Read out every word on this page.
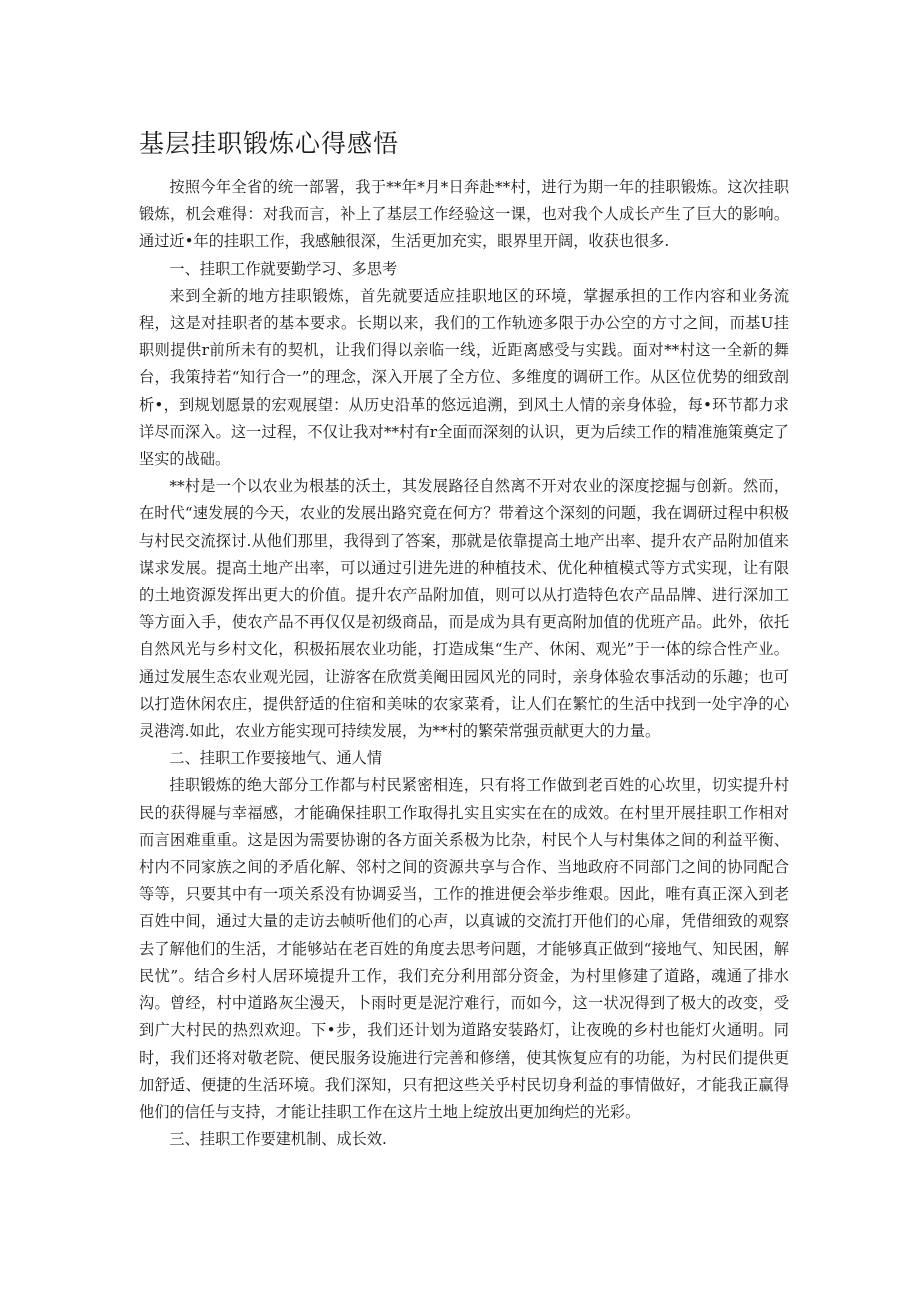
基层挂职锻炼心得感悟

按照今年全省的统一部署，我于**年*月*日奔赴**村，进行为期一年的挂职锻炼。这次挂职锻炼，机会难得：对我而言，补上了基层工作经验这一课，也对我个人成长产生了巨大的影响。通过近•年的挂职工作，我感触很深，生活更加充实，眼界里开阔，收获也很多.

一、挂职工作就要勤学习、多思考

来到全新的地方挂职锻炼，首先就要适应挂职地区的环境，掌握承担的工作内容和业务流程，这是对挂职者的基本要求。长期以来，我们的工作轨迹多限于办公空的方寸之间，而基U挂职则提供r前所未有的契机，让我们得以亲临一线，近距离感受与实践。面对**村这一全新的舞台，我策持若“知行合一”的理念，深入开展了全方位、多维度的调研工作。从区位优势的细致剖析•，到规划愿景的宏观展望：从历史沿革的悠远追溯，到风土人情的亲身体验，每•环节都力求详尽而深入。这一过程，不仅让我对**村有r全面而深刻的认识，更为后续工作的精准施策奠定了坚实的战础。

**村是一个以农业为根基的沃土，其发展路径自然离不开对农业的深度挖掘与创新。然而，在时代“速发展的今天，农业的发展出路究竟在何方？带着这个深刻的问题，我在调研过程中积极与村民交流探讨.从他们那里，我得到了答案，那就是依靠提高土地产出率、提升农产品附加值来谋求发展。提高土地产出率，可以通过引进先进的种植技术、优化种植模式等方式实现，让有限的土地资源发挥出更大的价值。提升农产品附加值，则可以从打造特色农产品品牌、进行深加工等方面入手，使农产品不再仅仅是初级商品，而是成为具有更高附加值的优班产品。此外，依托自然风光与乡村文化，积极拓展农业功能，打造成集“生产、休闲、观光”于一体的综合性产业。通过发展生态农业观光园，让游客在欣赏美阉田园风光的同时，亲身体验农事活动的乐趣；也可以打造休闲农庄，提供舒适的住宿和美味的农家菜肴，让人们在繁忙的生活中找到一处宇净的心灵港湾.如此，农业方能实现可持续发展，为**村的繁荣常强贡献更大的力量。

二、挂职工作要接地气、通人情

挂职锻炼的绝大部分工作都与村民紧密相连，只有将工作做到老百姓的心坎里，切实提升村民的获得屣与幸福感，才能确保挂职工作取得扎实且实实在在的成效。在村里开展挂职工作相对而言困难重重。这是因为需要协谢的各方面关系极为比杂，村民个人与村集体之间的利益平衡、村内不同家族之间的矛盾化解、邻村之间的资源共享与合作、当地政府不同部门之间的协同配合等等，只要其中有一项关系没有协调妥当，工作的推进便会举步维艰。因此，唯有真正深入到老百姓中间，通过大量的走访去帧听他们的心声，以真诚的交流打开他们的心扉，凭借细致的观察去了解他们的生活，才能够站在老百姓的角度去思考问题，才能够真正做到“接地气、知民困，解民忧”。结合乡村人居环境提升工作，我们充分利用部分资金，为村里修建了道路，魂通了排水沟。曾经，村中道路灰尘漫天，卜雨时更是泥泞难行，而如今，这一状况得到了极大的改变，受到广大村民的热烈欢迎。下•步，我们还计划为道路安装路灯，让夜晚的乡村也能灯火通明。同时，我们还将对敬老院、便民服务设施进行完善和修缮，使其恢复应有的功能，为村民们提供更加舒适、便捷的生活环境。我们深知，只有把这些关乎村民切身利益的事情做好，才能我正赢得他们的信任与支持，才能让挂职工作在这片土地上绽放出更加绚烂的光彩。

三、挂职工作要建机制、成长效.
